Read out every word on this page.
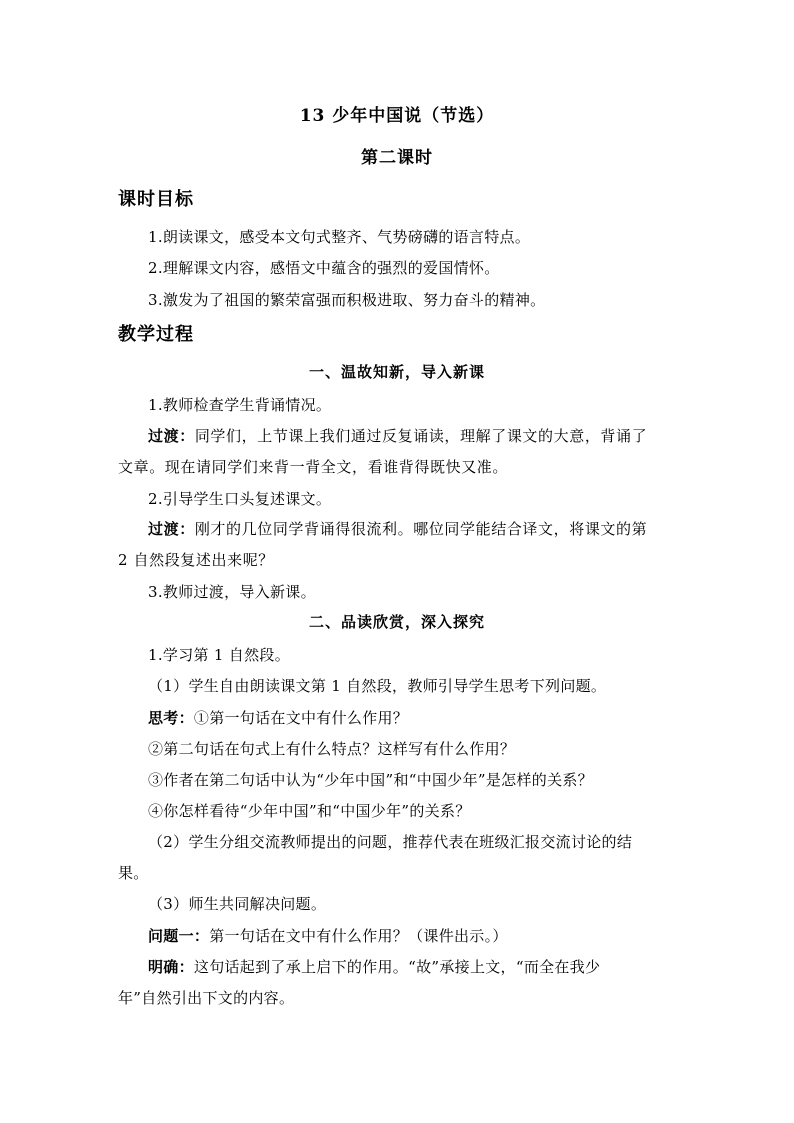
13 少年中国说（节选）
第二课时
课时目标
1.朗读课文，感受本文句式整齐、气势磅礴的语言特点。
2.理解课文内容，感悟文中蕴含的强烈的爱国情怀。
3.激发为了祖国的繁荣富强而积极进取、努力奋斗的精神。
教学过程
一、温故知新，导入新课
1.教师检查学生背诵情况。
过渡：同学们，上节课上我们通过反复诵读，理解了课文的大意，背诵了
文章。现在请同学们来背一背全文，看谁背得既快又准。
2.引导学生口头复述课文。
过渡：刚才的几位同学背诵得很流利。哪位同学能结合译文，将课文的第
2 自然段复述出来呢？
3.教师过渡，导入新课。
二、品读欣赏，深入探究
1.学习第 1 自然段。
（1）学生自由朗读课文第 1 自然段，教师引导学生思考下列问题。
思考：①第一句话在文中有什么作用？
②第二句话在句式上有什么特点？这样写有什么作用？
③作者在第二句话中认为“少年中国”和“中国少年”是怎样的关系？
④你怎样看待“少年中国”和“中国少年”的关系？
（2）学生分组交流教师提出的问题，推荐代表在班级汇报交流讨论的结
果。
（3）师生共同解决问题。
问题一：第一句话在文中有什么作用？（课件出示。）
明确：这句话起到了承上启下的作用。“故”承接上文，“而全在我少
年”自然引出下文的内容。
